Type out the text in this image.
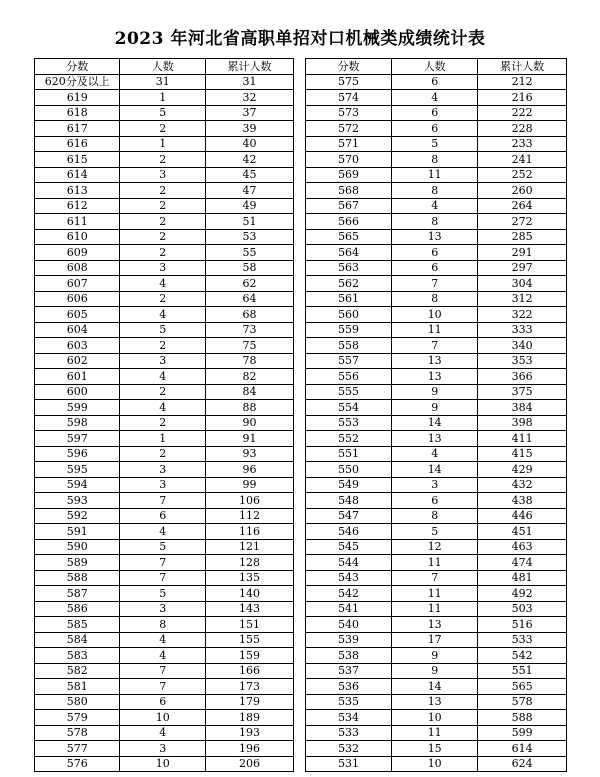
2023 年河北省高职单招对口机械类成绩统计表
分数	人数	累计人数
620分及以上	31	31
619	1	32
618	5	37
617	2	39
616	1	40
615	2	42
614	3	45
613	2	47
612	2	49
611	2	51
610	2	53
609	2	55
608	3	58
607	4	62
606	2	64
605	4	68
604	5	73
603	2	75
602	3	78
601	4	82
600	2	84
599	4	88
598	2	90
597	1	91
596	2	93
595	3	96
594	3	99
593	7	106
592	6	112
591	4	116
590	5	121
589	7	128
588	7	135
587	5	140
586	3	143
585	8	151
584	4	155
583	4	159
582	7	166
581	7	173
580	6	179
579	10	189
578	4	193
577	3	196
576	10	206
分数	人数	累计人数
575	6	212
574	4	216
573	6	222
572	6	228
571	5	233
570	8	241
569	11	252
568	8	260
567	4	264
566	8	272
565	13	285
564	6	291
563	6	297
562	7	304
561	8	312
560	10	322
559	11	333
558	7	340
557	13	353
556	13	366
555	9	375
554	9	384
553	14	398
552	13	411
551	4	415
550	14	429
549	3	432
548	6	438
547	8	446
546	5	451
545	12	463
544	11	474
543	7	481
542	11	492
541	11	503
540	13	516
539	17	533
538	9	542
537	9	551
536	14	565
535	13	578
534	10	588
533	11	599
532	15	614
531	10	624
